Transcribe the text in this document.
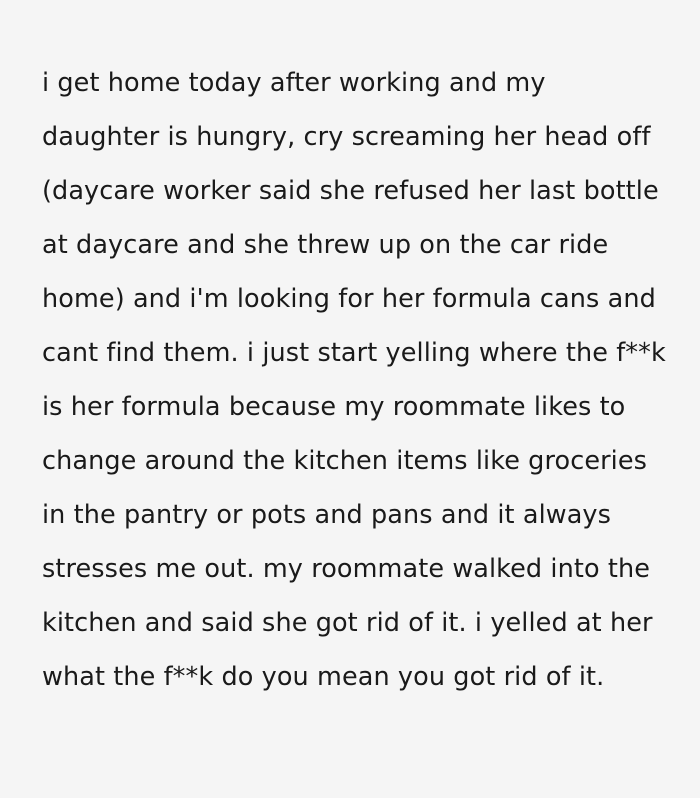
i get home today after working and my daughter is hungry, cry screaming her head off (daycare worker said she refused her last bottle at daycare and she threw up on the car ride home) and i'm looking for her formula cans and cant find them. i just start yelling where the f**k is her formula because my roommate likes to change around the kitchen items like groceries in the pantry or pots and pans and it always stresses me out. my roommate walked into the kitchen and said she got rid of it. i yelled at her what the f**k do you mean you got rid of it.
